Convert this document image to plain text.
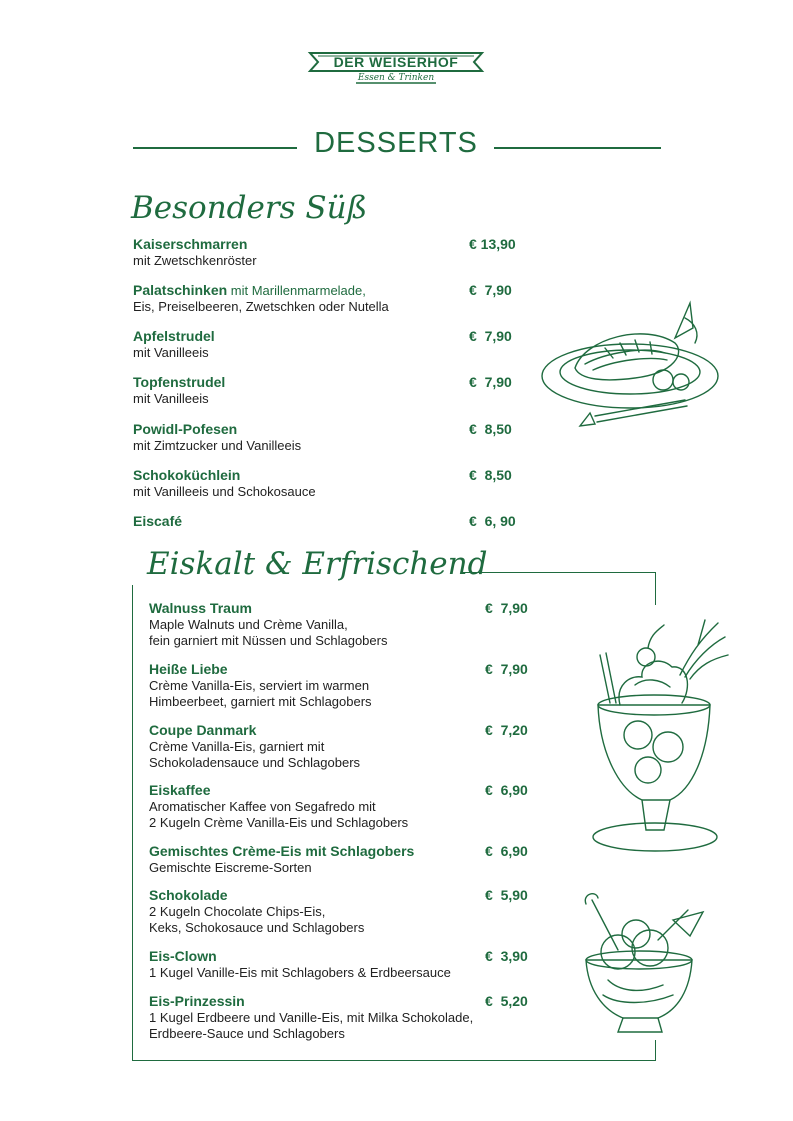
DER WEISERHOF
Essen & Trinken
DESSERTS
Besonders Süß
Kaiserschmarren
mit Zwetschkenröster
€ 13,90
Palatschinken mit Marillenmarmelade,
Eis, Preiselbeeren, Zwetschken oder Nutella
€  7,90
Apfelstrudel
mit Vanilleeis
€  7,90
Topfenstrudel
mit Vanilleeis
€  7,90
Powidl-Pofesen
mit Zimtzucker und Vanilleeis
€  8,50
Schokoküchlein
mit Vanilleeis und Schokosauce
€  8,50
Eiscafé	€  6, 90
Eiskalt & Erfrischend
Walnuss Traum
Maple Walnuts und Crème Vanilla,
fein garniert mit Nüssen und Schlagobers
€  7,90
Heiße Liebe
Crème Vanilla-Eis, serviert im warmen
Himbeerbeet, garniert mit Schlagobers
€  7,90
Coupe Danmark
Crème Vanilla-Eis, garniert mit
Schokoladensauce und Schlagobers
€  7,20
Eiskaffee
Aromatischer Kaffee von Segafredo mit
2 Kugeln Crème Vanilla-Eis und Schlagobers
€  6,90
Gemischtes Crème-Eis mit Schlagobers
Gemischte Eiscreme-Sorten
€  6,90
Schokolade
2 Kugeln Chocolate Chips-Eis,
Keks, Schokosauce und Schlagobers
€  5,90
Eis-Clown
1 Kugel Vanille-Eis mit Schlagobers & Erdbeersauce
€  3,90
Eis-Prinzessin
1 Kugel Erdbeere und Vanille-Eis, mit Milka Schokolade,
Erdbeere-Sauce und Schlagobers
€  5,20
